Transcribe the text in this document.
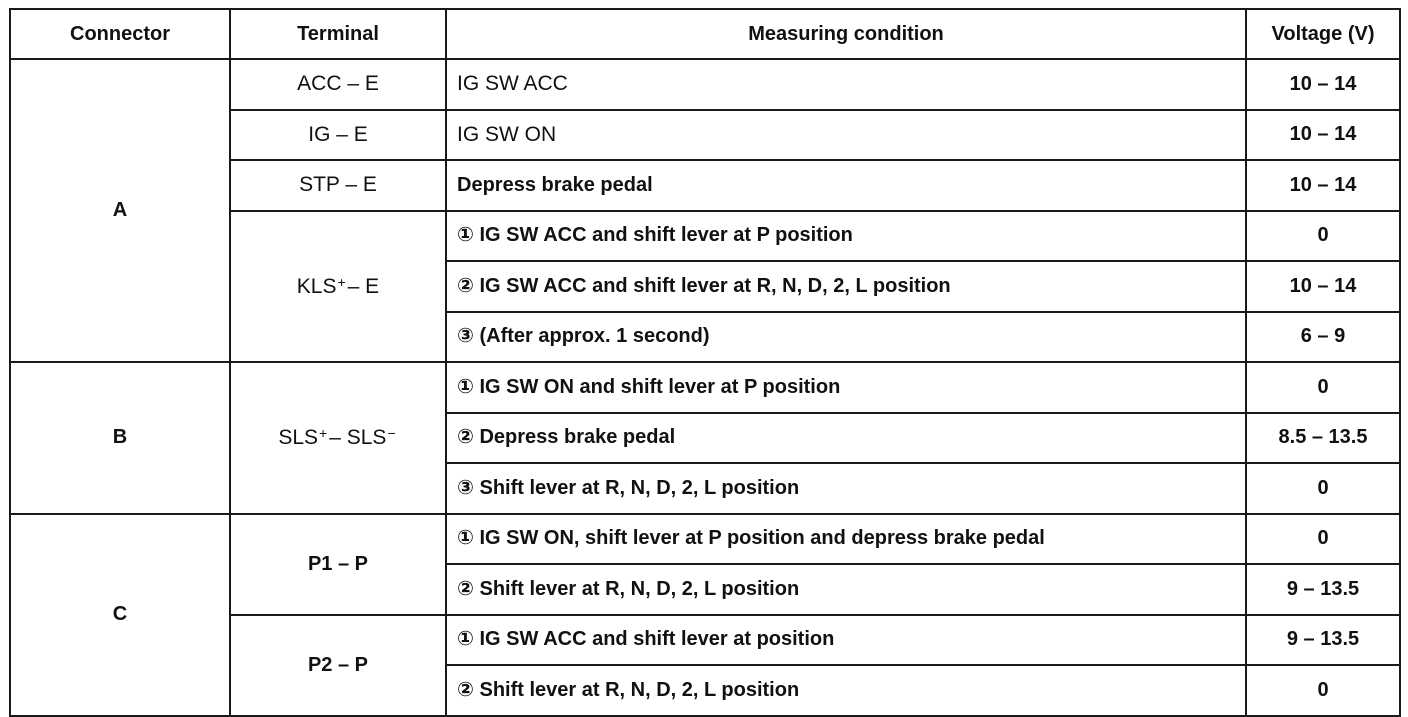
Connector	Terminal	Measuring condition	Voltage (V)
A	ACC – E	IG SW ACC	10 – 14
	IG – E	IG SW ON	10 – 14
	STP – E	Depress brake pedal	10 – 14
	KLS+– E	① IG SW ACC and shift lever at P position	0
		② IG SW ACC and shift lever at R, N, D, 2, L position	10 – 14
		③ (After approx. 1 second)	6 – 9
B	SLS+– SLS−	① IG SW ON and shift lever at P position	0
		② Depress brake pedal	8.5 – 13.5
		③ Shift lever at R, N, D, 2, L position	0
C	P1 – P	① IG SW ON, shift lever at P position and depress brake pedal	0
		② Shift lever at R, N, D, 2, L position	9 – 13.5
	P2 – P	① IG SW ACC and shift lever at position	9 – 13.5
		② Shift lever at R, N, D, 2, L position	0
